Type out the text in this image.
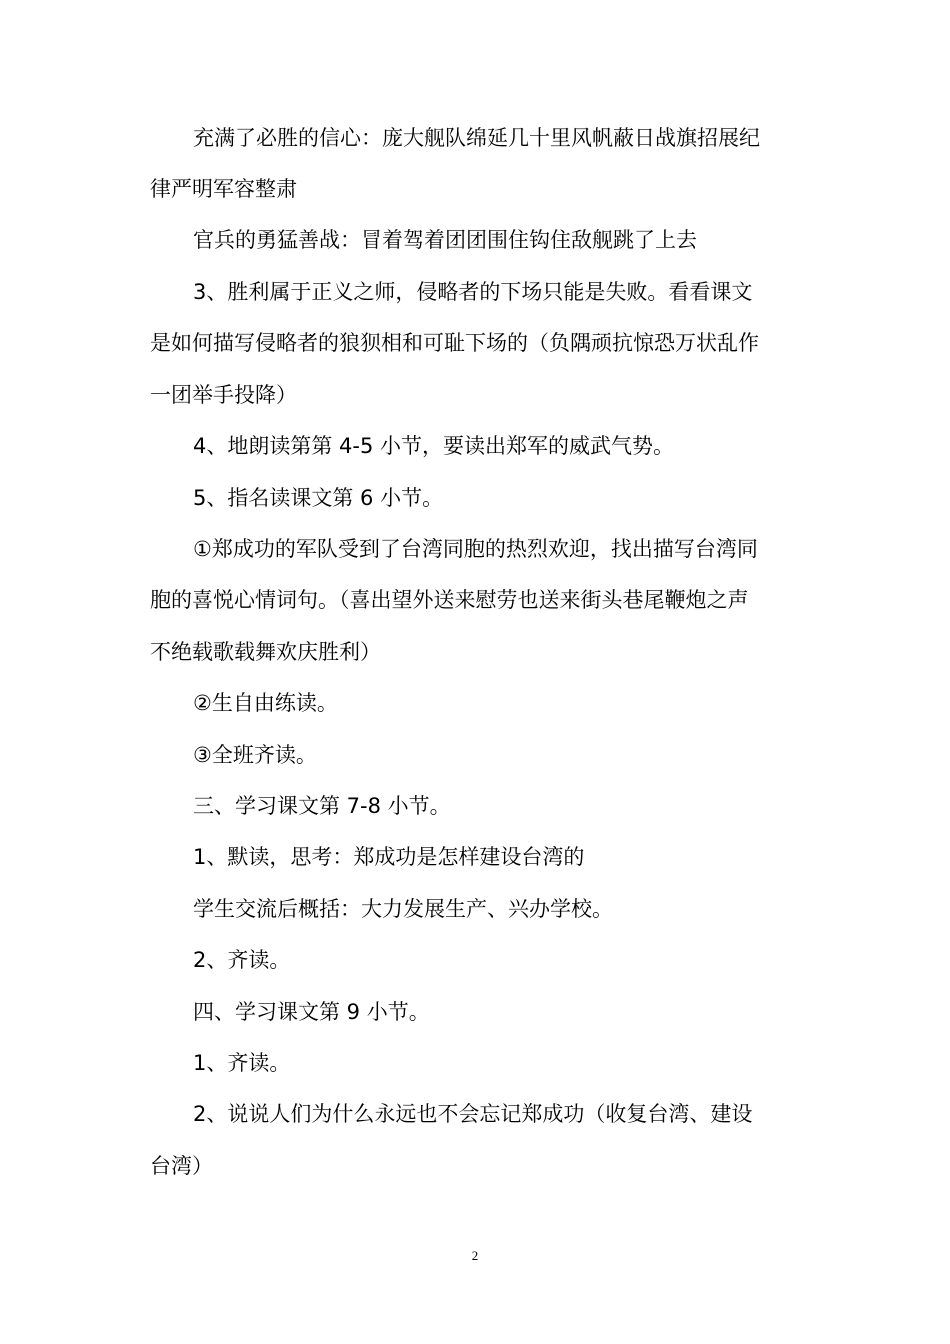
充满了必胜的信心：庞大舰队绵延几十里风帆蔽日战旗招展纪

律严明军容整肃

官兵的勇猛善战：冒着驾着团团围住钩住敌舰跳了上去

3、胜利属于正义之师，侵略者的下场只能是失败。看看课文

是如何描写侵略者的狼狈相和可耻下场的（负隅顽抗惊恐万状乱作

一团举手投降）

4、地朗读第第 4-5 小节，要读出郑军的威武气势。

5、指名读课文第 6 小节。

①郑成功的军队受到了台湾同胞的热烈欢迎，找出描写台湾同

胞的喜悦心情词句。（喜出望外送来慰劳也送来街头巷尾鞭炮之声

不绝载歌载舞欢庆胜利）

②生自由练读。

③全班齐读。

三、学习课文第 7-8 小节。

1、默读，思考：郑成功是怎样建设台湾的

学生交流后概括：大力发展生产、兴办学校。

2、齐读。

四、学习课文第 9 小节。

1、齐读。

2、说说人们为什么永远也不会忘记郑成功（收复台湾、建设

台湾）

2
